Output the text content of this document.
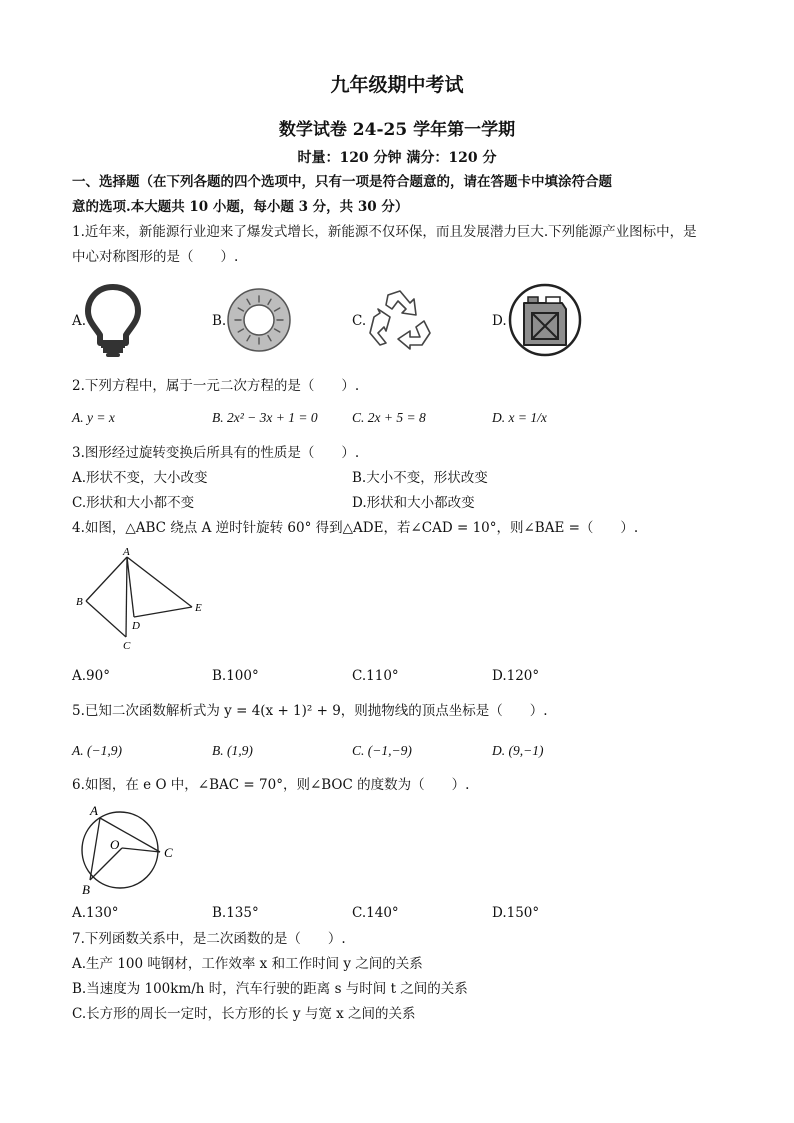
九年级期中考试
数学试卷 24-25 学年第一学期
时量：120 分钟 满分：120 分
一、选择题（在下列各题的四个选项中，只有一项是符合题意的，请在答题卡中填涂符合题
意的选项.本大题共 10 小题，每小题 3 分，共 30 分）
1.近年来，新能源行业迎来了爆发式增长，新能源不仅环保，而且发展潜力巨大.下列能源产业图标中，是
中心对称图形的是（　　）.
A.	B.	C.	D.
2.下列方程中，属于一元二次方程的是（　　）.
A. y = x	B. 2x² − 3x + 1 = 0	C. 2x + 5 = 8	D. x = 1/x
3.图形经过旋转变换后所具有的性质是（　　）.
A.形状不变，大小改变	B.大小不变，形状改变
C.形状和大小都不变	D.形状和大小都改变
4.如图，△ABC 绕点 A 逆时针旋转 60° 得到△ADE，若∠CAD = 10°，则∠BAE =（　　）.
A
B
C
D
E
A.90°	B.100°	C.110°	D.120°
5.已知二次函数解析式为 y = 4(x + 1)² + 9，则抛物线的顶点坐标是（　　）.
A. (−1,9)	B. (1,9)	C. (−1,−9)	D. (9,−1)
6.如图，在 e O 中，∠BAC = 70°，则∠BOC 的度数为（　　）.
A
O
C
B
A.130°	B.135°	C.140°	D.150°
7.下列函数关系中，是二次函数的是（　　）.
A.生产 100 吨钢材，工作效率 x 和工作时间 y 之间的关系
B.当速度为 100km/h 时，汽车行驶的距离 s 与时间 t 之间的关系
C.长方形的周长一定时，长方形的长 y 与宽 x 之间的关系
